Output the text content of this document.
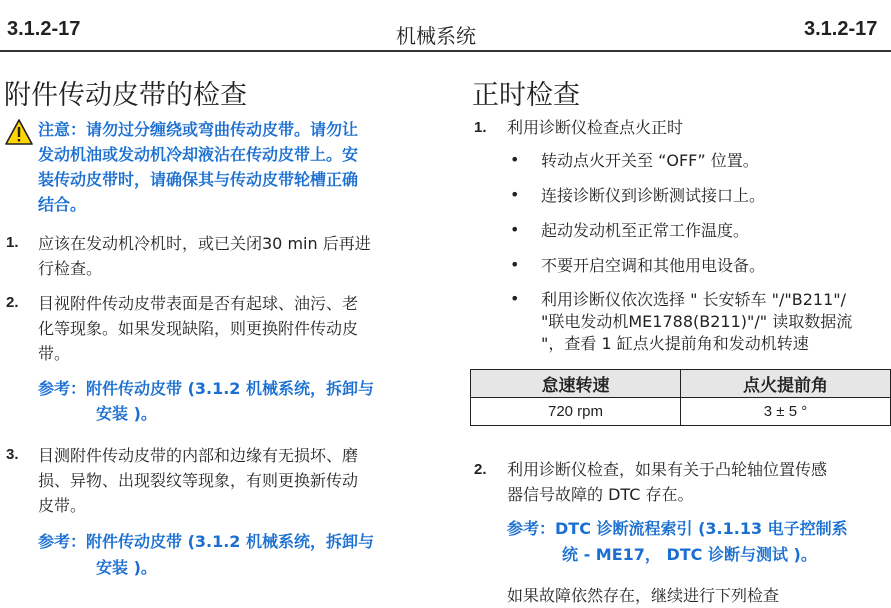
3.1.2-17	机械系统	3.1.2-17
附件传动皮带的检查
注意：请勿过分缠绕或弯曲传动皮带。请勿让
发动机油或发动机冷却液沾在传动皮带上。安
装传动皮带时，请确保其与传动皮带轮槽正确
结合。
1. 应该在发动机冷机时，或已关闭30 min 后再进
行检查。
2. 目视附件传动皮带表面是否有起球、油污、老
化等现象。如果发现缺陷，则更换附件传动皮
带。
参考：附件传动皮带 (3.1.2 机械系统，拆卸与
安装 )。
3. 目测附件传动皮带的内部和边缘有无损坏、磨
损、异物、出现裂纹等现象，有则更换新传动
皮带。
参考：附件传动皮带 (3.1.2 机械系统，拆卸与
安装 )。
正时检查
1. 利用诊断仪检查点火正时
• 转动点火开关至 “OFF” 位置。
• 连接诊断仪到诊断测试接口上。
• 起动发动机至正常工作温度。
• 不要开启空调和其他用电设备。
• 利用诊断仪依次选择 " 长安轿车 "/"B211"/
"联电发动机ME1788(B211)"/" 读取数据流
"，查看 1 缸点火提前角和发动机转速
怠速转速	点火提前角
720 rpm	3 ± 5 °
2. 利用诊断仪检查，如果有关于凸轮轴位置传感
器信号故障的 DTC 存在。
参考：DTC 诊断流程索引 (3.1.13 电子控制系
统 - ME17， DTC 诊断与测试 )。
如果故障依然存在，继续进行下列检查
